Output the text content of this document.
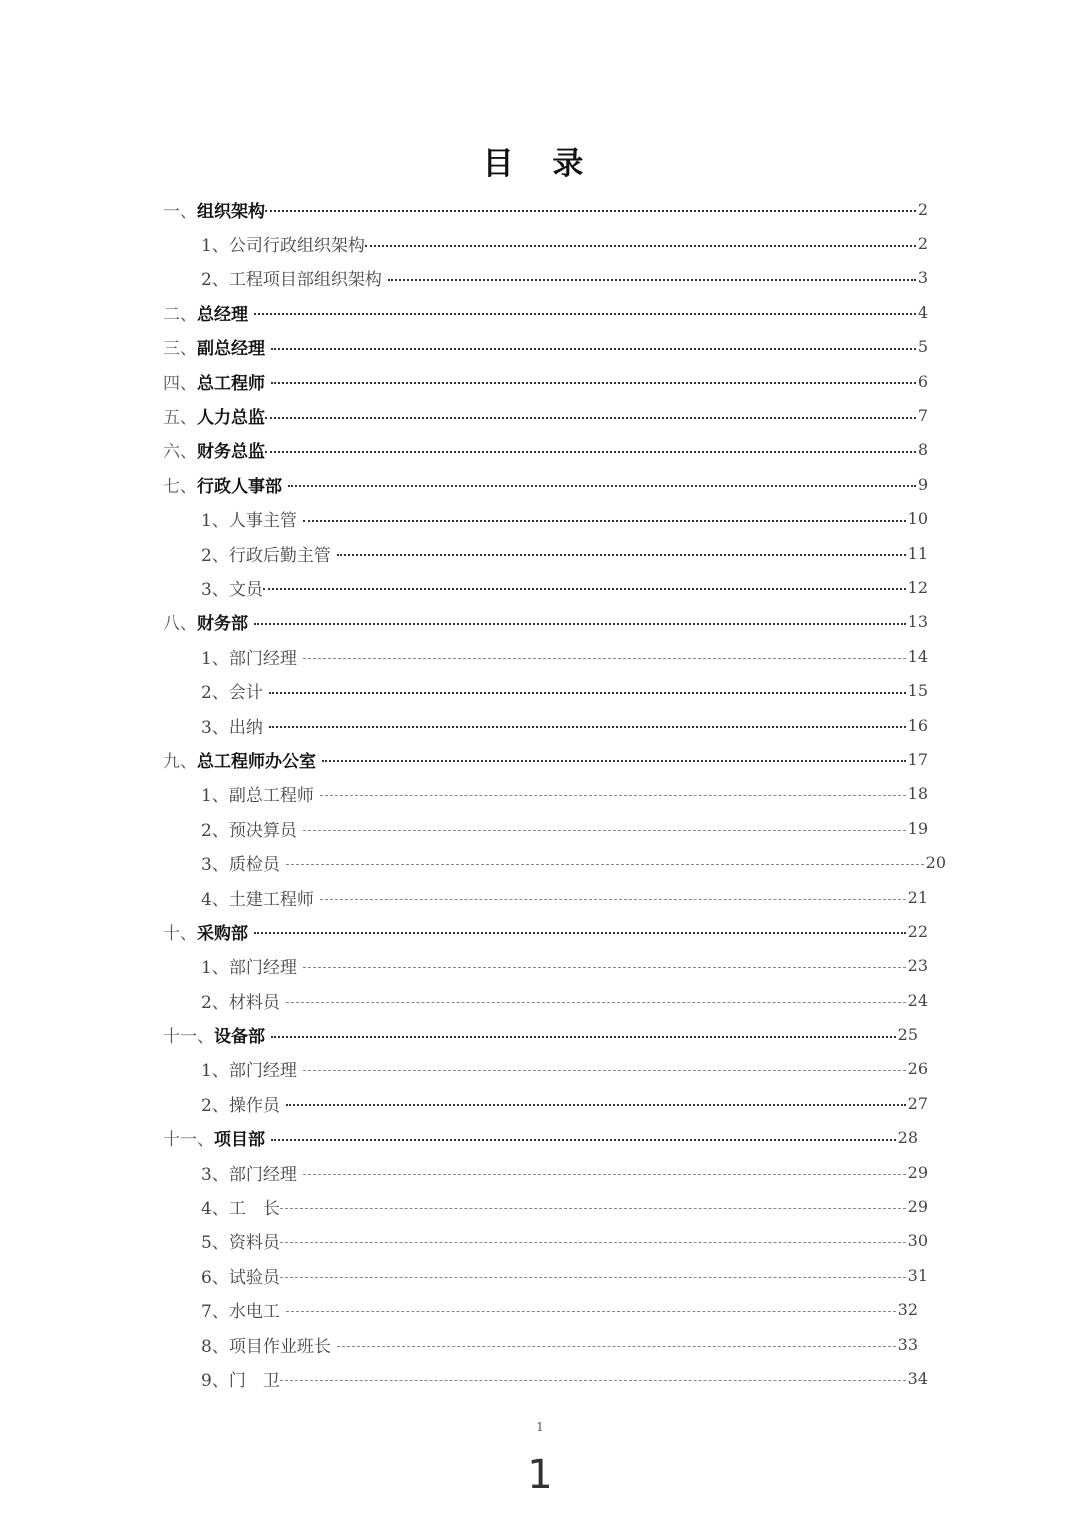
目 录
一、 组织架构	2
1、 公司行政组织架构	2
2、 工程项目部组织架构	3
二、 总经理	4
三、 副总经理	5
四、 总工程师	6
五、 人力总监	7
六、 财务总监	8
七、 行政人事部	9
1、 人事主管	10
2、 行政后勤主管	11
3、 文员	12
八、 财务部	13
1、 部门经理	14
2、 会计	15
3、 出纳	16
九、 总工程师办公室	17
1、 副总工程师	18
2、 预决算员	19
3、 质检员	20
4、 土建工程师	21
十、 采购部	22
1、 部门经理	23
2、 材料员	24
十一、 设备部	25
1、 部门经理	26
2、 操作员	27
十一、 项目部	28
3、 部门经理	29
4、 工　长	29
5、 资料员	30
6、 试验员	31
7、 水电工	32
8、 项目作业班长	33
9、 门　卫	34
1
1
